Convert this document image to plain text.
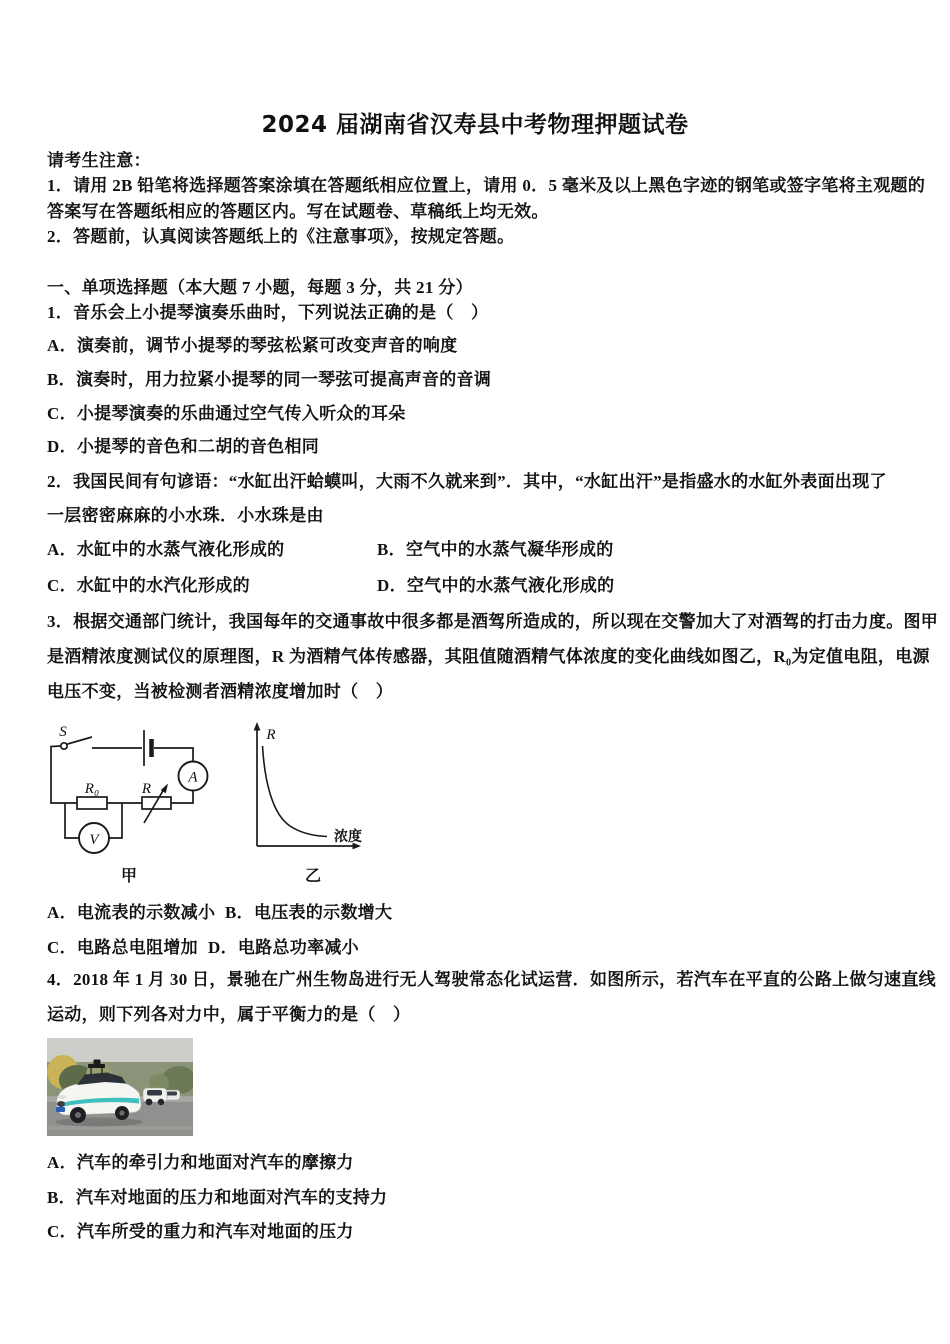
2024 届湖南省汉寿县中考物理押题试卷
请考生注意：
1．请用 2B 铅笔将选择题答案涂填在答题纸相应位置上，请用 0．5 毫米及以上黑色字迹的钢笔或签字笔将主观题的
答案写在答题纸相应的答题区内。写在试题卷、草稿纸上均无效。
2．答题前，认真阅读答题纸上的《注意事项》，按规定答题。
一、单项选择题（本大题 7 小题，每题 3 分，共 21 分）
1．音乐会上小提琴演奏乐曲时，下列说法正确的是（　）
A．演奏前，调节小提琴的琴弦松紧可改变声音的响度
B．演奏时，用力拉紧小提琴的同一琴弦可提高声音的音调
C．小提琴演奏的乐曲通过空气传入听众的耳朵
D．小提琴的音色和二胡的音色相同
2．我国民间有句谚语：“水缸出汗蛤蟆叫，大雨不久就来到”．其中，“水缸出汗”是指盛水的水缸外表面出现了
一层密密麻麻的小水珠．小水珠是由
A．水缸中的水蒸气液化形成的	B．空气中的水蒸气凝华形成的
C．水缸中的水汽化形成的	D．空气中的水蒸气液化形成的
3．根据交通部门统计，我国每年的交通事故中很多都是酒驾所造成的，所以现在交警加大了对酒驾的打击力度。图甲
是酒精浓度测试仪的原理图，R 为酒精气体传感器，其阻值随酒精气体浓度的变化曲线如图乙，R₀为定值电阻，电源
电压不变，当被检测者酒精浓度增加时（　）
S
R₀	R
A
V
甲
R
浓度
乙
A．电流表的示数减小 B．电压表的示数增大
C．电路总电阻增加 D．电路总功率减小
4．2018 年 1 月 30 日，景驰在广州生物岛进行无人驾驶常态化试运营．如图所示，若汽车在平直的公路上做匀速直线
运动，则下列各对力中，属于平衡力的是（　）
A．汽车的牵引力和地面对汽车的摩擦力
B．汽车对地面的压力和地面对汽车的支持力
C．汽车所受的重力和汽车对地面的压力
